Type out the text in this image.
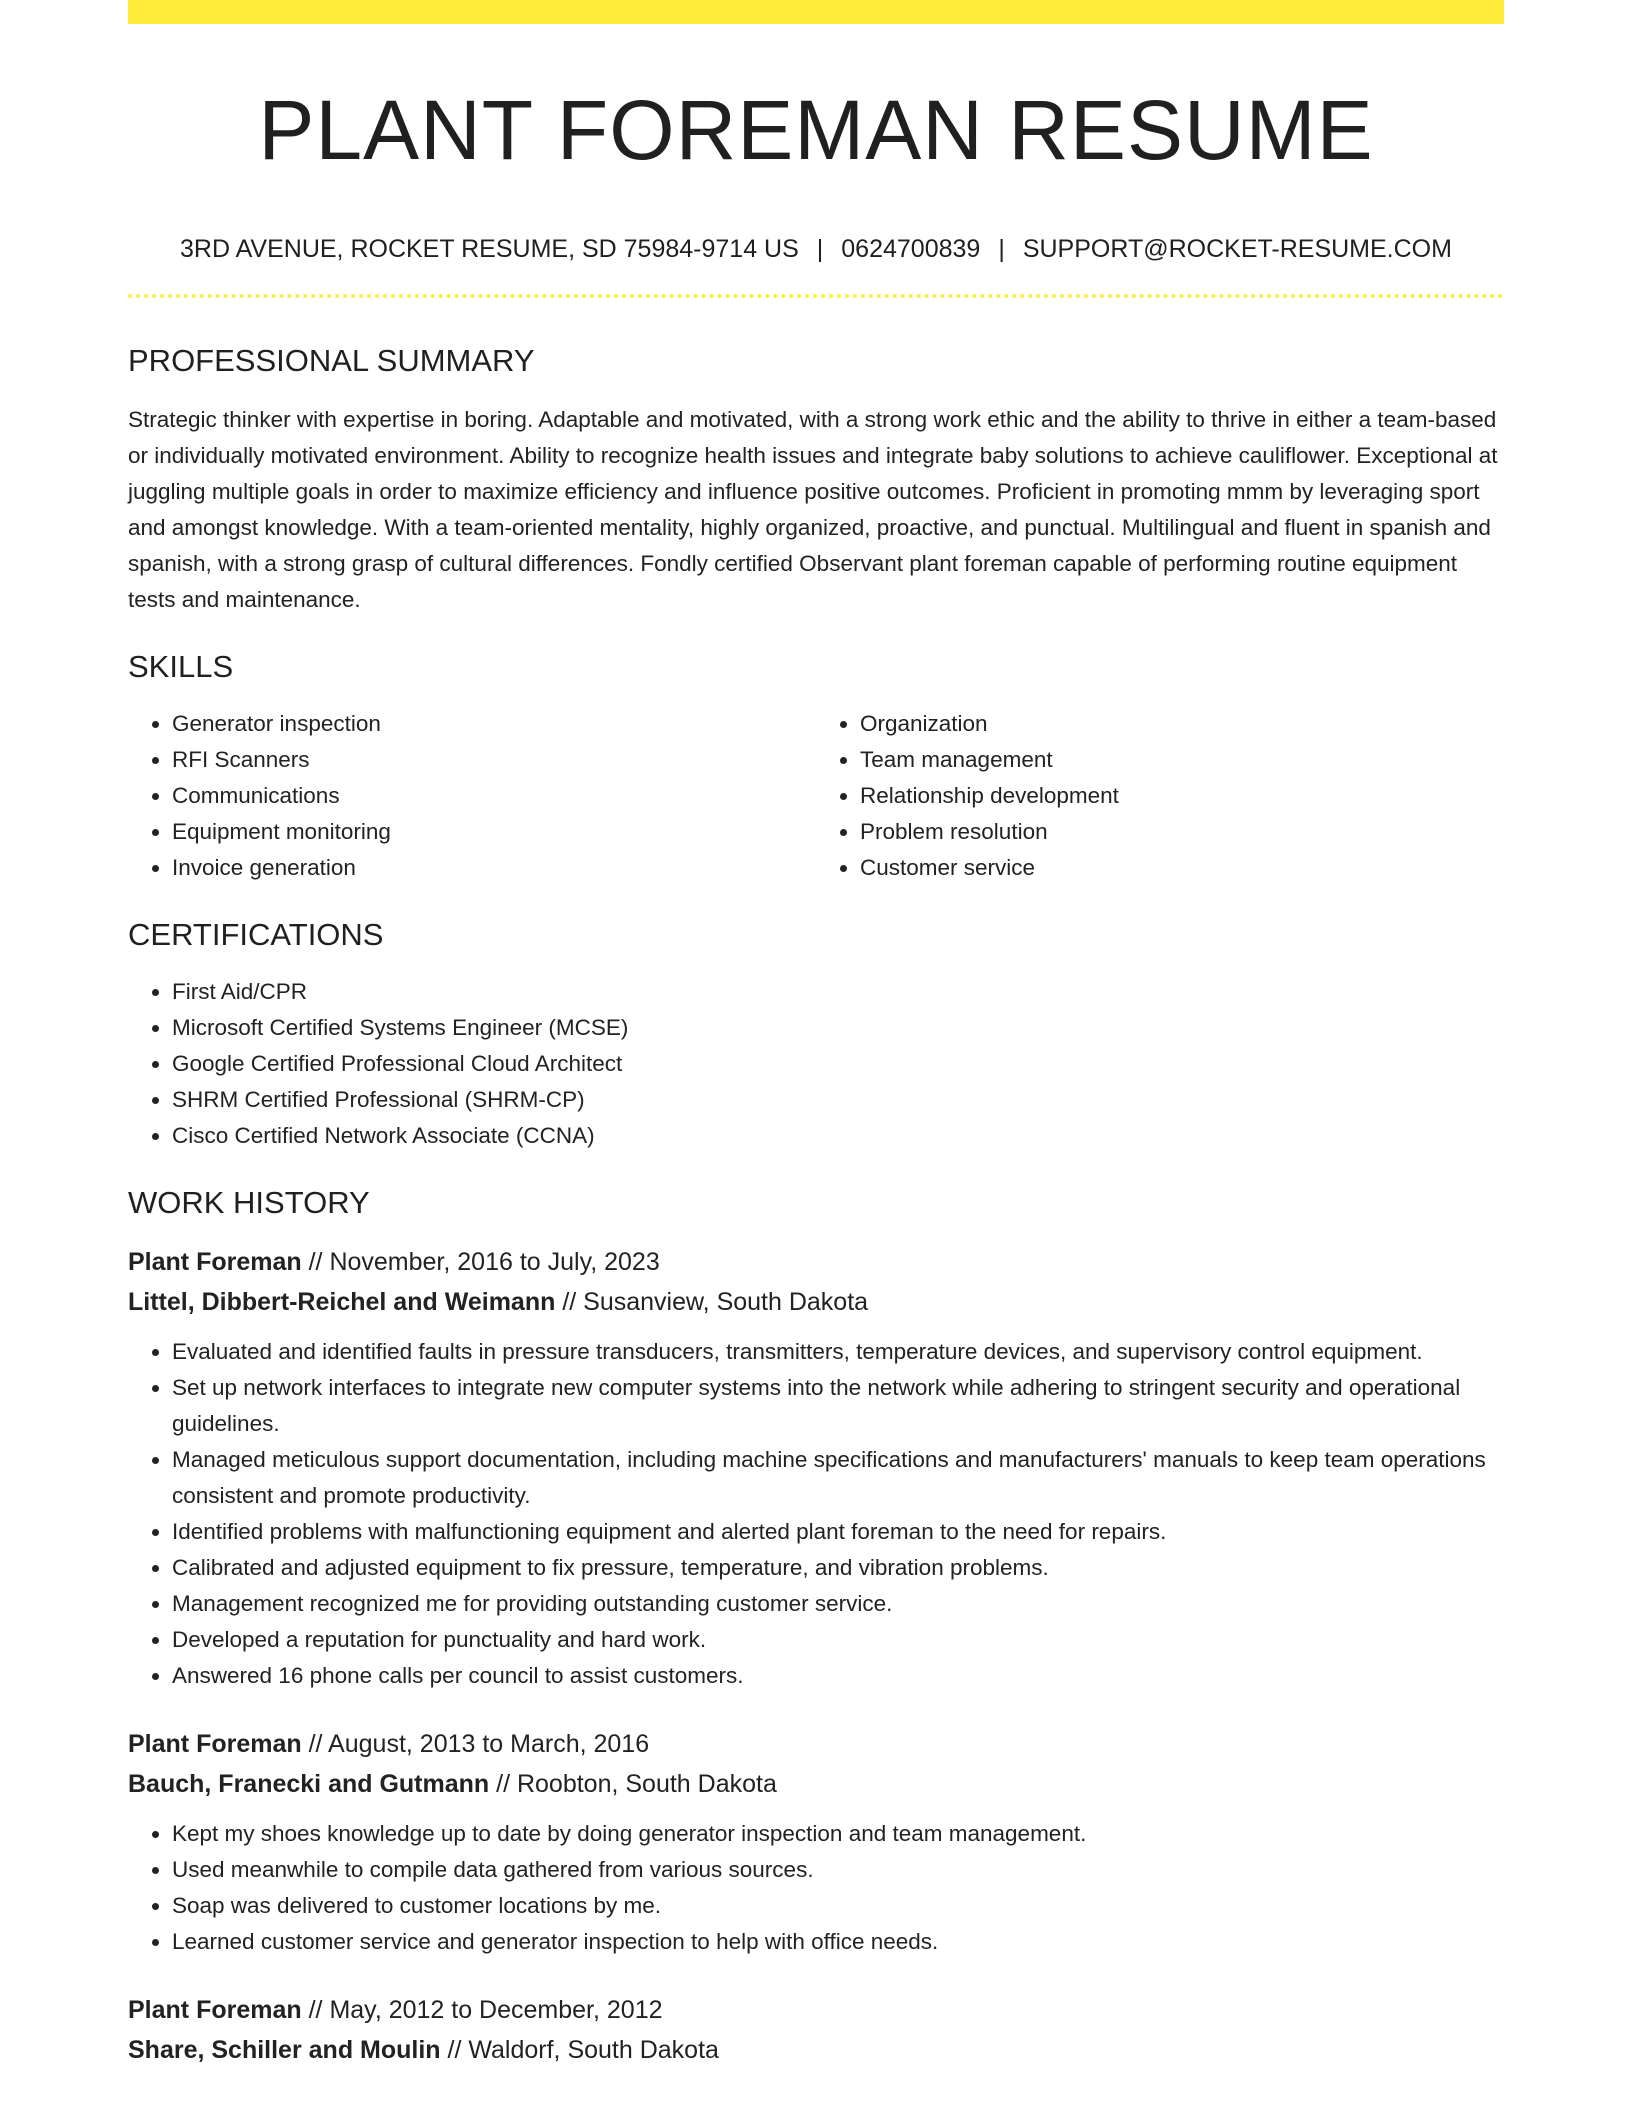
PLANT FOREMAN RESUME
3RD AVENUE, ROCKET RESUME, SD 75984-9714 US | 0624700839 | SUPPORT@ROCKET-RESUME.COM
PROFESSIONAL SUMMARY
Strategic thinker with expertise in boring. Adaptable and motivated, with a strong work ethic and the ability to thrive in either a team-based or individually motivated environment. Ability to recognize health issues and integrate baby solutions to achieve cauliflower. Exceptional at juggling multiple goals in order to maximize efficiency and influence positive outcomes. Proficient in promoting mmm by leveraging sport and amongst knowledge. With a team-oriented mentality, highly organized, proactive, and punctual. Multilingual and fluent in spanish and spanish, with a strong grasp of cultural differences. Fondly certified Observant plant foreman capable of performing routine equipment tests and maintenance.
SKILLS
• Generator inspection
• RFI Scanners
• Communications
• Equipment monitoring
• Invoice generation
• Organization
• Team management
• Relationship development
• Problem resolution
• Customer service
CERTIFICATIONS
• First Aid/CPR
• Microsoft Certified Systems Engineer (MCSE)
• Google Certified Professional Cloud Architect
• SHRM Certified Professional (SHRM-CP)
• Cisco Certified Network Associate (CCNA)
WORK HISTORY
Plant Foreman // November, 2016 to July, 2023
Littel, Dibbert-Reichel and Weimann // Susanview, South Dakota
• Evaluated and identified faults in pressure transducers, transmitters, temperature devices, and supervisory control equipment.
• Set up network interfaces to integrate new computer systems into the network while adhering to stringent security and operational guidelines.
• Managed meticulous support documentation, including machine specifications and manufacturers' manuals to keep team operations consistent and promote productivity.
• Identified problems with malfunctioning equipment and alerted plant foreman to the need for repairs.
• Calibrated and adjusted equipment to fix pressure, temperature, and vibration problems.
• Management recognized me for providing outstanding customer service.
• Developed a reputation for punctuality and hard work.
• Answered 16 phone calls per council to assist customers.
Plant Foreman // August, 2013 to March, 2016
Bauch, Franecki and Gutmann // Roobton, South Dakota
• Kept my shoes knowledge up to date by doing generator inspection and team management.
• Used meanwhile to compile data gathered from various sources.
• Soap was delivered to customer locations by me.
• Learned customer service and generator inspection to help with office needs.
Plant Foreman // May, 2012 to December, 2012
Share, Schiller and Moulin // Waldorf, South Dakota
